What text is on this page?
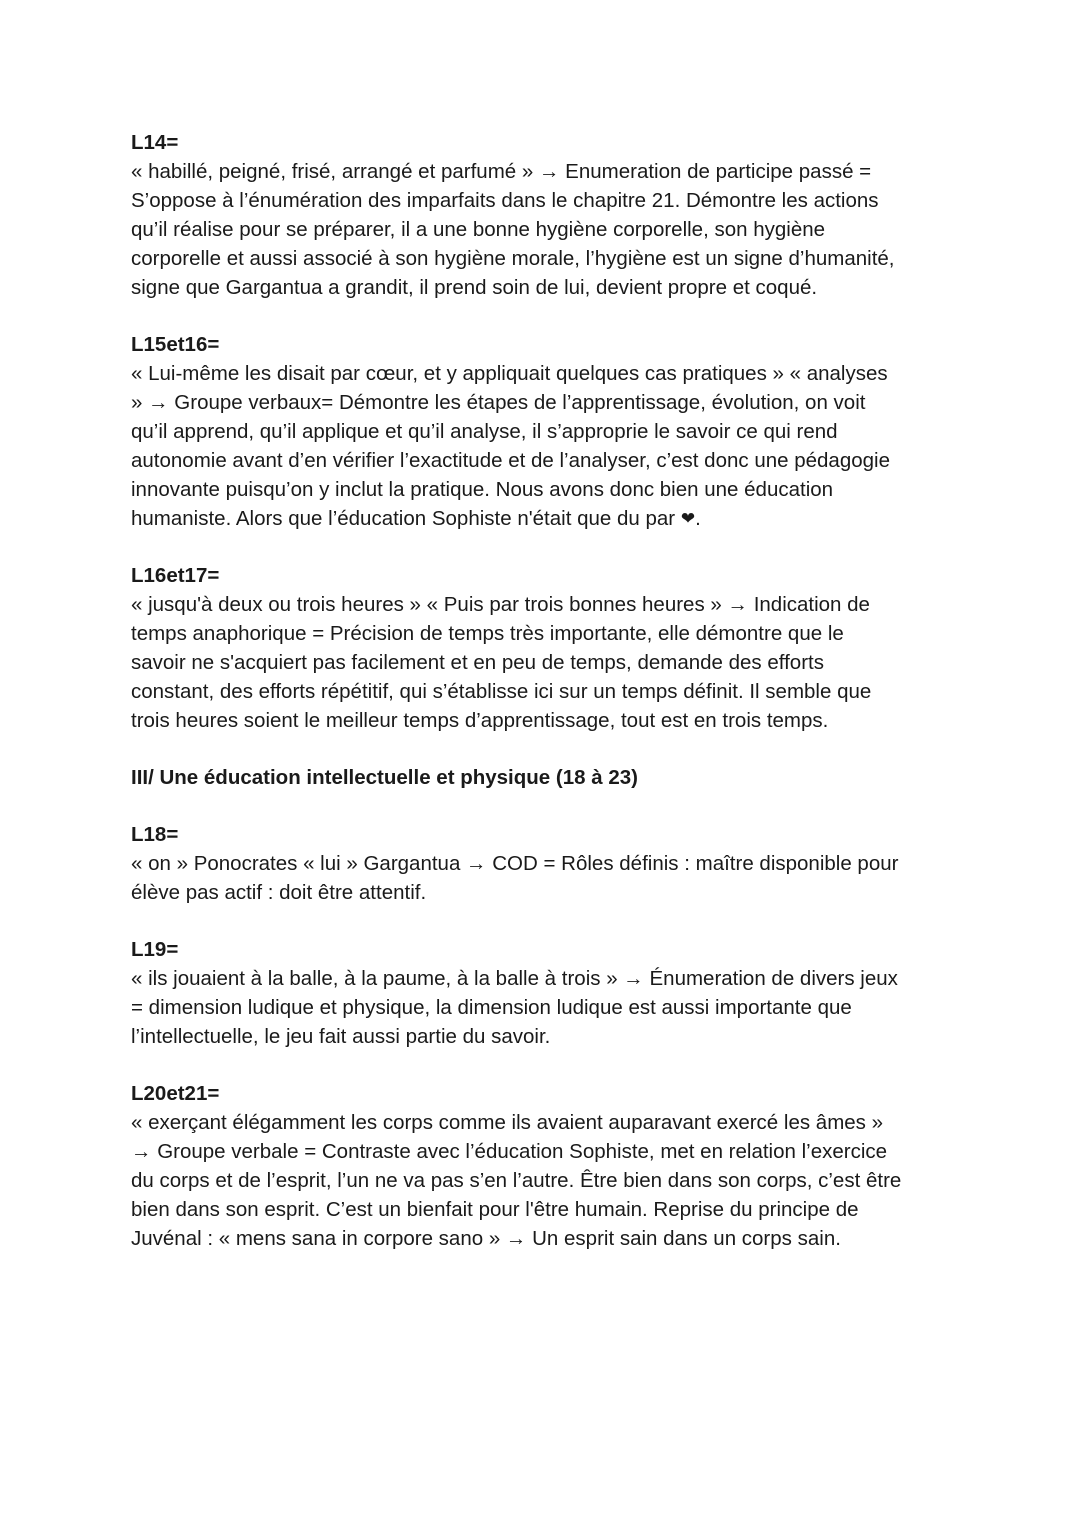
L14=

« habillé, peigné, frisé, arrangé et parfumé » → Enumeration de participe passé =
S’oppose à l’énumération des imparfaits dans le chapitre 21. Démontre les actions
qu’il réalise pour se préparer, il a une bonne hygiène corporelle, son hygiène
corporelle et aussi associé à son hygiène morale, l’hygiène est un signe d’humanité,
signe que Gargantua a grandit, il prend soin de lui, devient propre et coqué.

L15et16=

« Lui-même les disait par cœur, et y appliquait quelques cas pratiques » « analyses
» → Groupe verbaux= Démontre les étapes de l’apprentissage, évolution, on voit
qu’il apprend, qu’il applique et qu’il analyse, il s’approprie le savoir ce qui rend
autonomie avant d’en vérifier l’exactitude et de l’analyser, c’est donc une pédagogie
innovante puisqu’on y inclut la pratique. Nous avons donc bien une éducation
humaniste. Alors que l’éducation Sophiste n'était que du par ❤.

L16et17=

« jusqu'à deux ou trois heures » « Puis par trois bonnes heures » → Indication de
temps anaphorique = Précision de temps très importante, elle démontre que le
savoir ne s'acquiert pas facilement et en peu de temps, demande des efforts
constant, des efforts répétitif, qui s’établisse ici sur un temps définit. Il semble que
trois heures soient le meilleur temps d’apprentissage, tout est en trois temps.

III/ Une éducation intellectuelle et physique (18 à 23)

L18=

« on » Ponocrates « lui » Gargantua → COD = Rôles définis : maître disponible pour
élève pas actif : doit être attentif.

L19=

« ils jouaient à la balle, à la paume, à la balle à trois » → Énumeration de divers jeux
= dimension ludique et physique, la dimension ludique est aussi importante que
l’intellectuelle, le jeu fait aussi partie du savoir.

L20et21=

« exerçant élégamment les corps comme ils avaient auparavant exercé les âmes »
→ Groupe verbale = Contraste avec l’éducation Sophiste, met en relation l’exercice
du corps et de l’esprit, l’un ne va pas s’en l’autre. Être bien dans son corps, c’est être
bien dans son esprit. C’est un bienfait pour l'être humain. Reprise du principe de
Juvénal : « mens sana in corpore sano » → Un esprit sain dans un corps sain.
